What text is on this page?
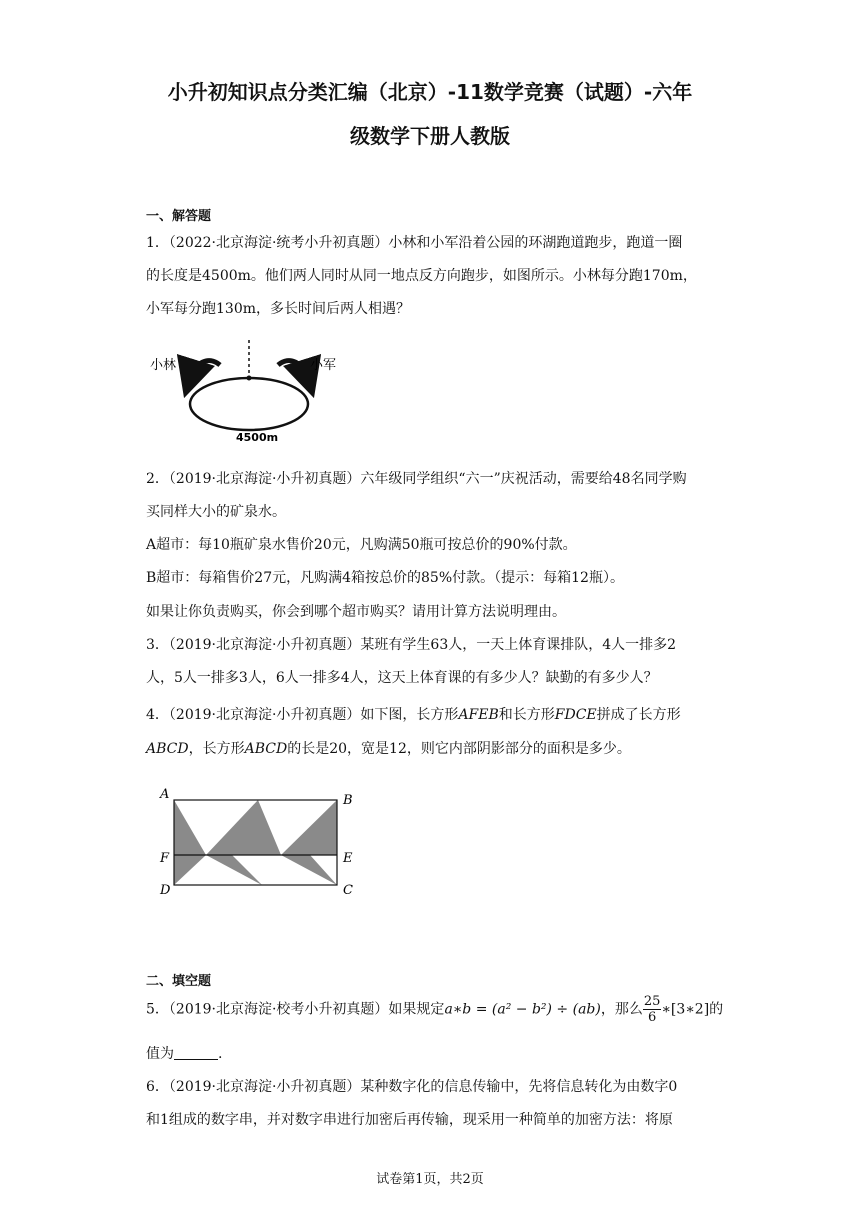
小升初知识点分类汇编（北京）-11数学竞赛（试题）-六年
级数学下册人教版
一、解答题
1．（2022·北京海淀·统考小升初真题）小林和小军沿着公园的环湖跑道跑步，跑道一圈
的长度是4500m。他们两人同时从同一地点反方向跑步，如图所示。小林每分跑170m，
小军每分跑130m，多长时间后两人相遇？
小林	小军
4500m
2．（2019·北京海淀·小升初真题）六年级同学组织“六一”庆祝活动，需要给48名同学购
买同样大小的矿泉水。
A超市：每10瓶矿泉水售价20元，凡购满50瓶可按总价的90%付款。
B超市：每箱售价27元，凡购满4箱按总价的85%付款。（提示：每箱12瓶）。
如果让你负责购买，你会到哪个超市购买？请用计算方法说明理由。
3．（2019·北京海淀·小升初真题）某班有学生63人，一天上体育课排队，4人一排多2
人，5人一排多3人，6人一排多4人，这天上体育课的有多少人？缺勤的有多少人？
4．（2019·北京海淀·小升初真题）如下图，长方形AFEB和长方形FDCE拼成了长方形
ABCD，长方形ABCD的长是20，宽是12，则它内部阴影部分的面积是多少。
A	B
F	E
D	C
二、填空题
5．（2019·北京海淀·校考小升初真题）如果规定a∗b = (a² − b²) ÷ (ab)，那么 $\frac{25}{6}$ ∗[3∗2]的
值为	.
6．（2019·北京海淀·小升初真题）某种数字化的信息传输中，先将信息转化为由数字0
和1组成的数字串，并对数字串进行加密后再传输，现采用一种简单的加密方法：将原
试卷第1页，共2页
